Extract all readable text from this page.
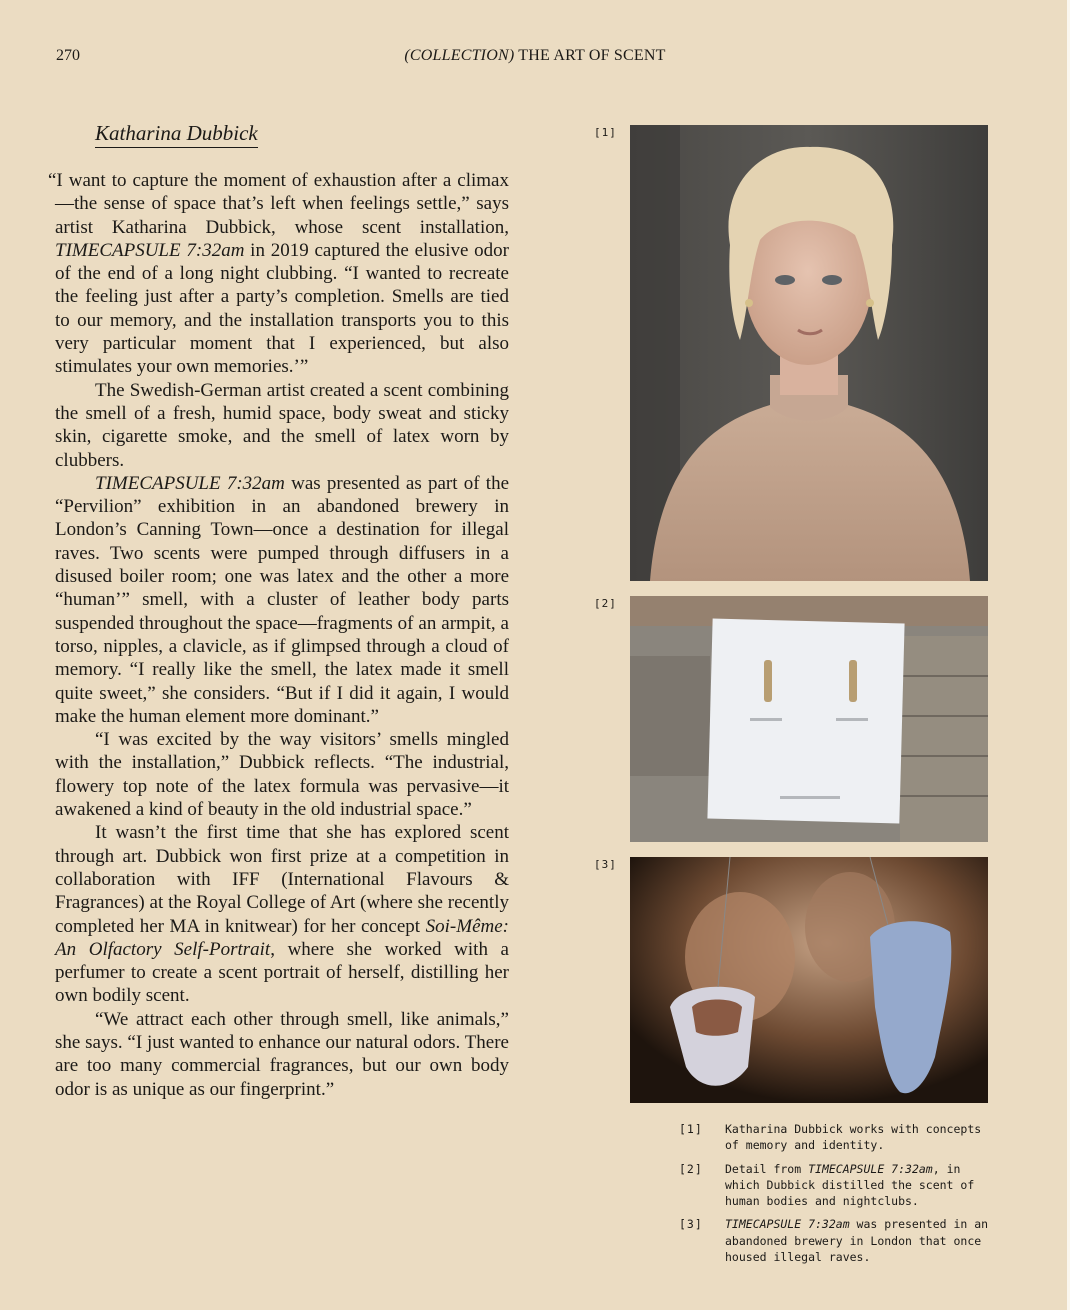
270	(COLLECTION) THE ART OF SCENT
Katharina Dubbick

“I want to capture the moment of exhaustion after a climax—the sense of space that’s left when feelings settle,” says artist Katharina Dubbick, whose scent installation, TIMECAPSULE 7:32am in 2019 captured the elusive odor of the end of a long night clubbing. “I wanted to recreate the feeling just after a party’s completion. Smells are tied to our memory, and the installation transports you to this very particular moment that I experienced, but also stimulates your own memories.’”

The Swedish-German artist created a scent combining the smell of a fresh, humid space, body sweat and sticky skin, cigarette smoke, and the smell of latex worn by clubbers.

TIMECAPSULE 7:32am was presented as part of the “Pervilion” exhibition in an abandoned brewery in London’s Canning Town—once a destination for illegal raves. Two scents were pumped through diffusers in a disused boiler room; one was latex and the other a more “human’” smell, with a cluster of leather body parts suspended throughout the space—fragments of an armpit, a torso, nipples, a clavicle, as if glimpsed through a cloud of memory. “I really like the smell, the latex made it smell quite sweet,” she considers. “But if I did it again, I would make the human element more dominant.”

“I was excited by the way visitors’ smells mingled with the installation,” Dubbick reflects. “The industrial, flowery top note of the latex formula was pervasive—it awakened a kind of beauty in the old industrial space.”

It wasn’t the first time that she has explored scent through art. Dubbick won first prize at a competition in collaboration with IFF (International Flavours & Fragrances) at the Royal College of Art (where she recently completed her MA in knitwear) for her concept Soi-Même: An Olfactory Self-Portrait, where she worked with a perfumer to create a scent portrait of herself, distilling her own bodily scent.

“We attract each other through smell, like animals,” she says. “I just wanted to enhance our natural odors. There are too many commercial fragrances, but our own body odor is as unique as our fingerprint.”

[1]
[2]
[3]
[1]	Katharina Dubbick works with concepts of memory and identity.
[2]	Detail from TIMECAPSULE 7:32am, in which Dubbick distilled the scent of human bodies and nightclubs.
[3]	TIMECAPSULE 7:32am was presented in an abandoned brewery in London that once housed illegal raves.
